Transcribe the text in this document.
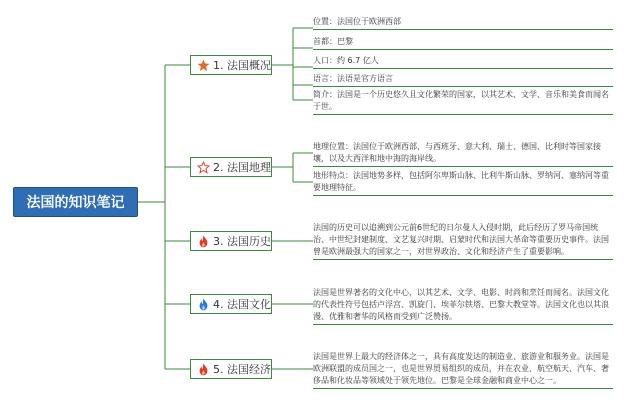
法国的知识笔记
1. 法国概况
2. 法国地理
3. 法国历史
4. 法国文化
5. 法国经济
位置：法国位于欧洲西部
首都：巴黎
人口：约 6.7 亿人
语言：法语是官方语言
简介：法国是一个历史悠久且文化繁荣的国家，以其艺术、文学、音乐和美食而闻名于世。
地理位置：法国位于欧洲西部，与西班牙、意大利、瑞士、德国、比利时等国家接壤，以及大西洋和地中海的海岸线。
地形特点：法国地势多样，包括阿尔卑斯山脉、比利牛斯山脉、罗纳河、塞纳河等重要地理特征。
法国的历史可以追溯到公元前6世纪的日尔曼人入侵时期，此后经历了罗马帝国统治、中世纪封建制度、文艺复兴时期、启蒙时代和法国大革命等重要历史事件。法国曾是欧洲最强大的国家之一，对世界政治、文化和经济产生了重要影响。
法国是世界著名的文化中心，以其艺术、文学、电影、时尚和烹饪而闻名。法国文化的代表性符号包括卢浮宫、凯旋门、埃菲尔铁塔、巴黎大教堂等。法国文化也以其浪漫、优雅和奢华的风格而受到广泛赞扬。
法国是世界上最大的经济体之一，具有高度发达的制造业、旅游业和服务业。法国是欧洲联盟的成员国之一，也是世界贸易组织的成员，并在农业、航空航天、汽车、奢侈品和化妆品等领域处于领先地位。巴黎是全球金融和商业中心之一。
